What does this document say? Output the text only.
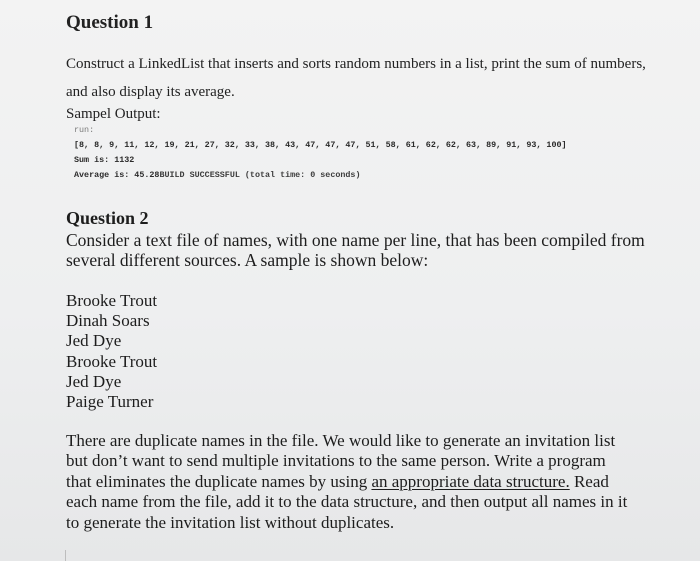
Question 1
Construct a LinkedList that inserts and sorts random numbers in a list, print the sum of numbers,
and also display its average.
Sampel Output:
run:
[8, 8, 9, 11, 12, 19, 21, 27, 32, 33, 38, 43, 47, 47, 47, 51, 58, 61, 62, 62, 63, 89, 91, 93, 100]
Sum is: 1132
Average is: 45.28BUILD SUCCESSFUL (total time: 0 seconds)
Question 2
Consider a text file of names, with one name per line, that has been compiled from
several different sources. A sample is shown below:
Brooke Trout
Dinah Soars
Jed Dye
Brooke Trout
Jed Dye
Paige Turner
There are duplicate names in the file. We would like to generate an invitation list
but don’t want to send multiple invitations to the same person. Write a program
that eliminates the duplicate names by using an appropriate data structure. Read
each name from the file, add it to the data structure, and then output all names in it
to generate the invitation list without duplicates.
